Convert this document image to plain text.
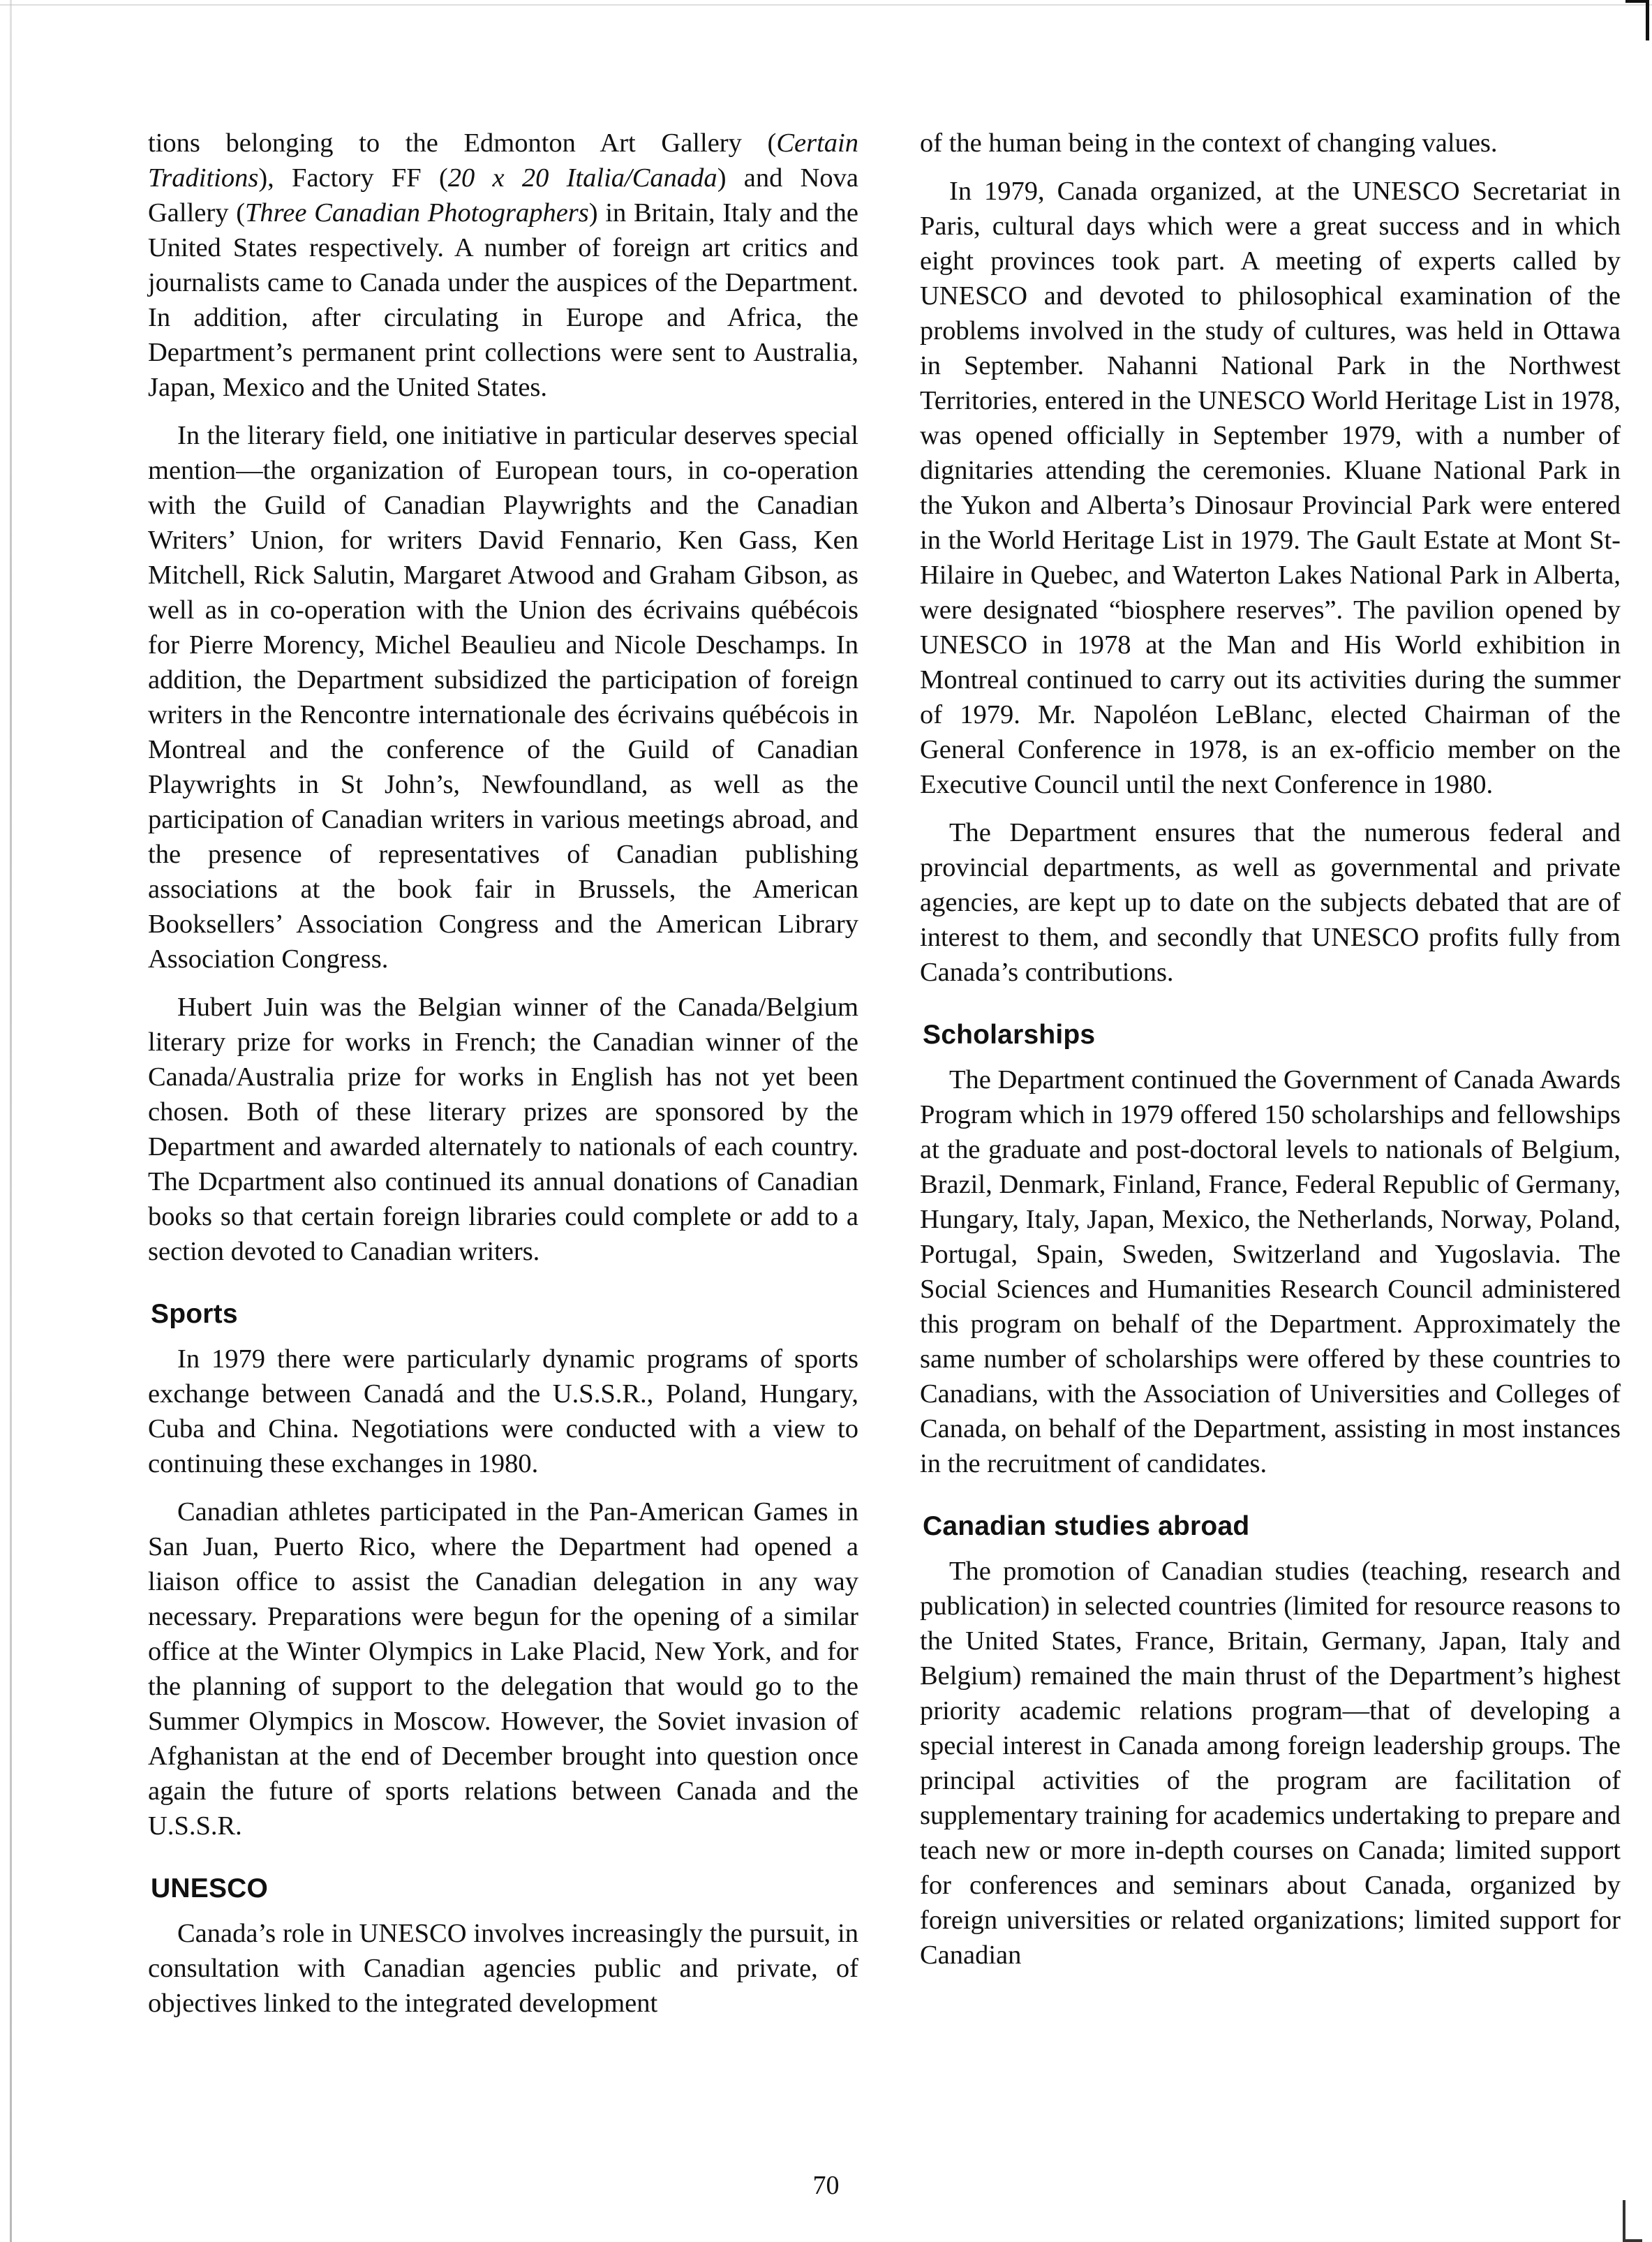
tions belonging to the Edmonton Art Gallery (Certain Traditions), Factory FF (20 x 20 Italia/Canada) and Nova Gallery (Three Canadian Photographers) in Britain, Italy and the United States respectively. A number of foreign art critics and journalists came to Canada under the auspices of the Department. In addition, after circulating in Europe and Africa, the Department’s permanent print collections were sent to Australia, Japan, Mexico and the United States.

In the literary field, one initiative in particular deserves special mention—the organization of European tours, in co-operation with the Guild of Canadian Playwrights and the Canadian Writers’ Union, for writers David Fennario, Ken Gass, Ken Mitchell, Rick Salutin, Margaret Atwood and Graham Gibson, as well as in co-operation with the Union des écrivains québécois for Pierre Morency, Michel Beaulieu and Nicole Deschamps. In addition, the Department subsidized the participation of foreign writers in the Rencontre internationale des écrivains québécois in Montreal and the conference of the Guild of Canadian Playwrights in St John’s, Newfoundland, as well as the participation of Canadian writers in various meetings abroad, and the presence of representatives of Canadian publishing associations at the book fair in Brussels, the American Booksellers’ Association Congress and the American Library Association Congress.

Hubert Juin was the Belgian winner of the Canada/Belgium literary prize for works in French; the Canadian winner of the Canada/Australia prize for works in English has not yet been chosen. Both of these literary prizes are sponsored by the Department and awarded alternately to nationals of each country. The Dcpartment also continued its annual donations of Canadian books so that certain foreign libraries could complete or add to a section devoted to Canadian writers.

Sports

In 1979 there were particularly dynamic programs of sports exchange between Canadá and the U.S.S.R., Poland, Hungary, Cuba and China. Negotiations were conducted with a view to continuing these exchanges in 1980.

Canadian athletes participated in the Pan-American Games in San Juan, Puerto Rico, where the Department had opened a liaison office to assist the Canadian delegation in any way necessary. Preparations were begun for the opening of a similar office at the Winter Olympics in Lake Placid, New York, and for the planning of support to the delegation that would go to the Summer Olympics in Moscow. However, the Soviet invasion of Afghanistan at the end of December brought into question once again the future of sports relations between Canada and the U.S.S.R.

UNESCO

Canada’s role in UNESCO involves increasingly the pursuit, in consultation with Canadian agencies public and private, of objectives linked to the integrated development

of the human being in the context of changing values.

In 1979, Canada organized, at the UNESCO Secretariat in Paris, cultural days which were a great success and in which eight provinces took part. A meeting of experts called by UNESCO and devoted to philosophical examination of the problems involved in the study of cultures, was held in Ottawa in September. Nahanni National Park in the Northwest Territories, entered in the UNESCO World Heritage List in 1978, was opened officially in September 1979, with a number of dignitaries attending the ceremonies. Kluane National Park in the Yukon and Alberta’s Dinosaur Provincial Park were entered in the World Heritage List in 1979. The Gault Estate at Mont St-Hilaire in Quebec, and Waterton Lakes National Park in Alberta, were designated “biosphere reserves”. The pavilion opened by UNESCO in 1978 at the Man and His World exhibition in Montreal continued to carry out its activities during the summer of 1979. Mr. Napoléon LeBlanc, elected Chairman of the General Conference in 1978, is an ex-officio member on the Executive Council until the next Conference in 1980.

The Department ensures that the numerous federal and provincial departments, as well as governmental and private agencies, are kept up to date on the subjects debated that are of interest to them, and secondly that UNESCO profits fully from Canada’s contributions.

Scholarships

The Department continued the Government of Canada Awards Program which in 1979 offered 150 scholarships and fellowships at the graduate and post-doctoral levels to nationals of Belgium, Brazil, Denmark, Finland, France, Federal Republic of Germany, Hungary, Italy, Japan, Mexico, the Netherlands, Norway, Poland, Portugal, Spain, Sweden, Switzerland and Yugoslavia. The Social Sciences and Humanities Research Council administered this program on behalf of the Department. Approximately the same number of scholarships were offered by these countries to Canadians, with the Association of Universities and Colleges of Canada, on behalf of the Department, assisting in most instances in the recruitment of candidates.

Canadian studies abroad

The promotion of Canadian studies (teaching, research and publication) in selected countries (limited for resource reasons to the United States, France, Britain, Germany, Japan, Italy and Belgium) remained the main thrust of the Department’s highest priority academic relations program—that of developing a special interest in Canada among foreign leadership groups. The principal activities of the program are facilitation of supplementary training for academics undertaking to prepare and teach new or more in-depth courses on Canada; limited support for conferences and seminars about Canada, organized by foreign universities or related organizations; limited support for Canadian

70
